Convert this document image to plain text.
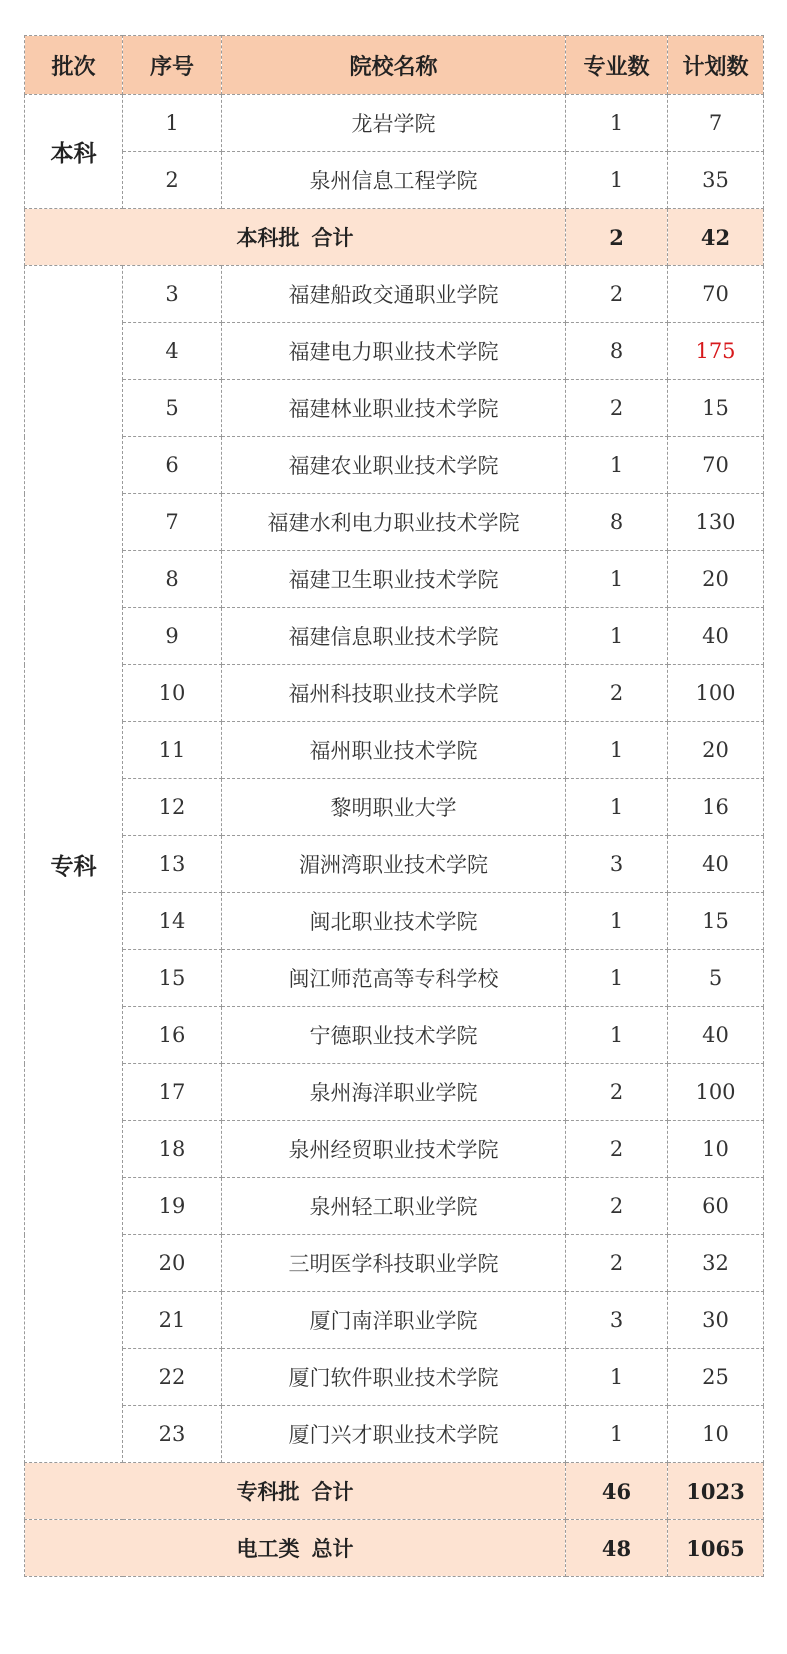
批次	序号	院校名称	专业数	计划数
本科	1	龙岩学院	1	7
	2	泉州信息工程学院	1	35
本科批 合计			2	42
专科	3	福建船政交通职业学院	2	70
	4	福建电力职业技术学院	8	175
	5	福建林业职业技术学院	2	15
	6	福建农业职业技术学院	1	70
	7	福建水利电力职业技术学院	8	130
	8	福建卫生职业技术学院	1	20
	9	福建信息职业技术学院	1	40
	10	福州科技职业技术学院	2	100
	11	福州职业技术学院	1	20
	12	黎明职业大学	1	16
	13	湄洲湾职业技术学院	3	40
	14	闽北职业技术学院	1	15
	15	闽江师范高等专科学校	1	5
	16	宁德职业技术学院	1	40
	17	泉州海洋职业学院	2	100
	18	泉州经贸职业技术学院	2	10
	19	泉州轻工职业学院	2	60
	20	三明医学科技职业学院	2	32
	21	厦门南洋职业学院	3	30
	22	厦门软件职业技术学院	1	25
	23	厦门兴才职业技术学院	1	10
专科批 合计			46	1023
电工类 总计			48	1065
